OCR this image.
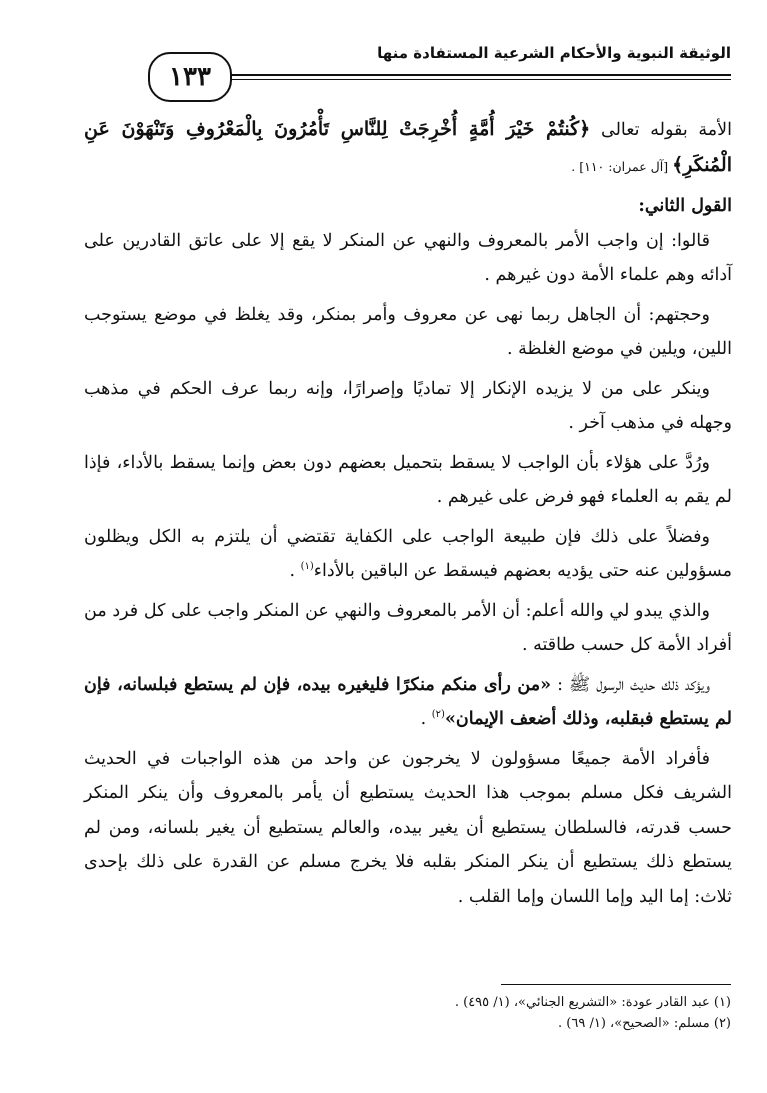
الوثيقة النبوية والأحكام الشرعية المستفادة منها
١٣٣

الأمة بقوله تعالى ﴿كُنتُمْ خَيْرَ أُمَّةٍ أُخْرِجَتْ لِلنَّاسِ تَأْمُرُونَ بِالْمَعْرُوفِ وَتَنْهَوْنَ عَنِ الْمُنكَرِ﴾ [آل عمران: ١١٠] .

القول الثاني:

قالوا: إن واجب الأمر بالمعروف والنهي عن المنكر لا يقع إلا على عاتق القادرين على آدائه وهم علماء الأمة دون غيرهم .

وحجتهم: أن الجاهل ربما نهى عن معروف وأمر بمنكر، وقد يغلظ في موضع يستوجب اللين، ويلين في موضع الغلظة .

وينكر على من لا يزيده الإنكار إلا تماديًا وإصرارًا، وإنه ربما عرف الحكم في مذهب وجهله في مذهب آخر .

ورُدَّ على هؤلاء بأن الواجب لا يسقط بتحميل بعضهم دون بعض وإنما يسقط بالأداء، فإذا لم يقم به العلماء فهو فرض على غيرهم .

وفضلاً على ذلك فإن طبيعة الواجب على الكفاية تقتضي أن يلتزم به الكل ويظلون مسؤولين عنه حتى يؤديه بعضهم فيسقط عن الباقين بالأداء$^{(١)}$ .

والذي يبدو لي والله أعلم: أن الأمر بالمعروف والنهي عن المنكر واجب على كل فرد من أفراد الأمة كل حسب طاقته .

ويؤكد ذلك حديث الرسول ﷺ : «من رأى منكم منكرًا فليغيره بيده، فإن لم يستطع فبلسانه، فإن لم يستطع فبقلبه، وذلك أضعف الإيمان»$^{(٢)}$ .

فأفراد الأمة جميعًا مسؤولون لا يخرجون عن واحد من هذه الواجبات في الحديث الشريف فكل مسلم بموجب هذا الحديث يستطيع أن يأمر بالمعروف وأن ينكر المنكر حسب قدرته، فالسلطان يستطيع أن يغير بيده، والعالم يستطيع أن يغير بلسانه، ومن لم يستطع ذلك يستطيع أن ينكر المنكر بقلبه فلا يخرج مسلم عن القدرة على ذلك بإحدى ثلاث: إما اليد وإما اللسان وإما القلب .

(١) عبد القادر عودة: «التشريع الجنائي»، (١/ ٤٩٥) .

(٢) مسلم: «الصحيح»، (١/ ٦٩) .
